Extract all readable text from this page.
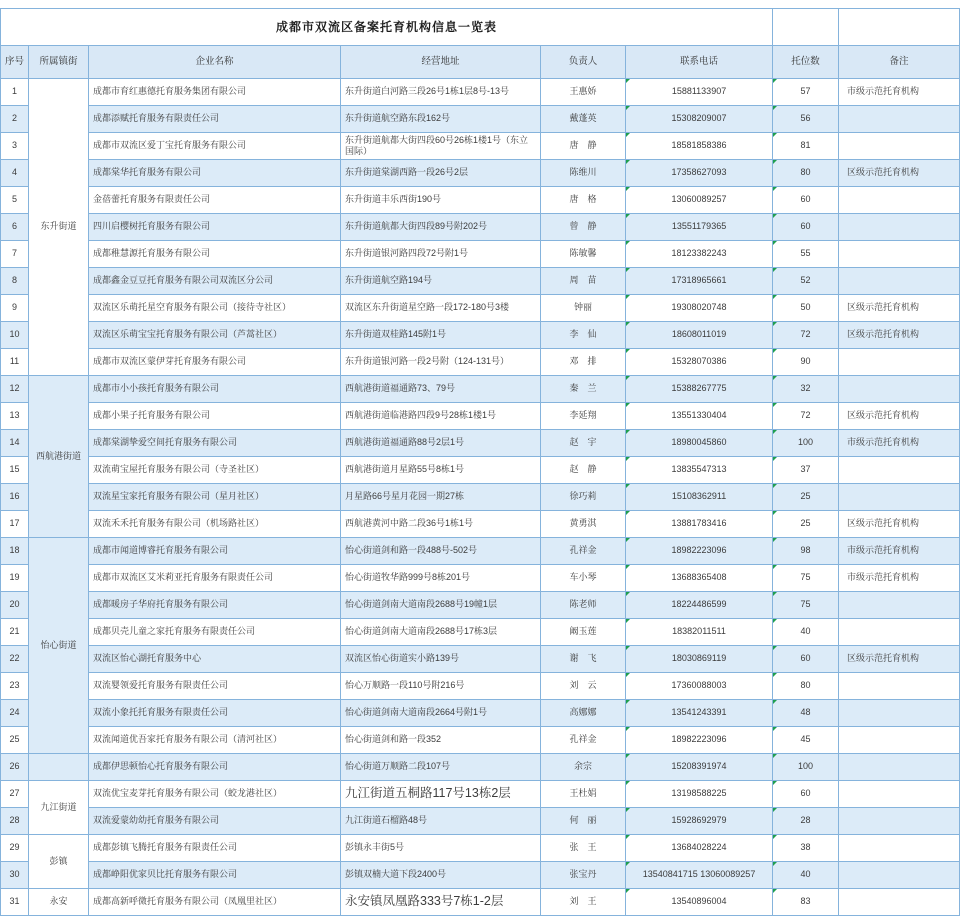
成都市双流区备案托育机构信息一览表							
序号	所属镇街	企业名称	经营地址	负责人	联系电话	托位数	备注
1	东升街道	成都市育红惠德托育服务集团有限公司	东升街道白河路三段26号1栋1层8号-13号	王惠娇	15881133907	57	市级示范托育机构
2		成都添赋托育服务有限责任公司	东升街道航空路东段162号	戴蓬英	15308209007	56	
3		成都市双流区爱丁宝托育服务有限公司	东升街道航都大街四段60号26栋1楼1号（东立国际）	唐　静	18581858386	81	
4		成都棠华托育服务有限公司	东升街道棠湖西路一段26号2层	陈维川	17358627093	80	区级示范托育机构
5		金蓓蕾托育服务有限责任公司	东升街道丰乐西街190号	唐　格	13060089257	60	
6		四川启樱树托育服务有限公司	东升街道航都大街四段89号附202号	曾　静	13551179365	60	
7		成都稚慧源托育服务有限公司	东升街道银河路四段72号附1号	陈敏馨	18123382243	55	
8		成都鑫金豆豆托育服务有限公司双流区分公司	东升街道航空路194号	周　苗	17318965661	52	
9		双流区乐萌托星空育服务有限公司（接待寺社区）	双流区东升街道星空路一段172-180号3楼	钟丽	19308020748	50	区级示范托育机构
10		双流区乐萌宝宝托育服务有限公司（芦蒿社区）	东升街道双桂路145附1号	李　仙	18608011019	72	区级示范托育机构
11		成都市双流区蒙伊芽托育服务有限公司	东升街道银河路一段2号附（124-131号）	邓　排	15328070386	90	
12	西航港街道	成都市小小孩托育服务有限公司	西航港街道福通路73、79号	秦　兰	15388267775	32	
13		成都小果子托育服务有限公司	西航港街道临港路四段9号28栋1楼1号	李延翔	13551330404	72	区级示范托育机构
14		成都棠湖挚爱空间托育服务有限公司	西航港街道福通路88号2层1号	赵　宇	18980045860	100	市级示范托育机构
15		双流萌宝屋托育服务有限公司（寺圣社区）	西航港街道月星路55号8栋1号	赵　静	13835547313	37	
16		双流星宝家托育服务有限公司（星月社区）	月星路66号星月花园一期27栋	徐巧莉	15108362911	25	
17		双流禾禾托育服务有限公司（机场路社区）	西航港黄河中路二段36号1栋1号	黄勇淇	13881783416	25	区级示范托育机构
18	怡心街道	成都市闻道博睿托育服务有限公司	怡心街道剑和路一段488号-502号	孔祥金	18982223096	98	市级示范托育机构
19		成都市双流区艾米莉亚托育服务有限责任公司	怡心街道牧华路999号8栋201号	车小琴	13688365408	75	市级示范托育机构
20		成都暖房子华府托育服务有限公司	怡心街道剑南大道南段2688号19幢1层	陈老师	18224486599	75	
21		成都贝壳儿童之家托育服务有限责任公司	怡心街道剑南大道南段2688号17栋3层	阚玉莲	18382011511	40	
22		双流区怡心湖托育服务中心	双流区怡心街道实小路139号	谢　飞	18030869119	60	区级示范托育机构
23		双流婴领爱托育服务有限责任公司	怡心万顺路一段110号附216号	刘　云	17360088003	80	
24		双流小象托托育服务有限责任公司	怡心街道剑南大道南段2664号附1号	高娜娜	13541243391	48	
25		双流闻道优吾家托育服务有限公司（清河社区）	怡心街道剑和路一段352	孔祥金	18982223096	45	
26		成都伊思顿怡心托育服务有限公司	怡心街道万顺路二段107号	余宗	15208391974	100	
27	九江街道	双流优宝麦芽托育服务有限公司（蛟龙港社区）	九江街道五桐路117号13栋2层	王杜娟	13198588225	60	
28		双流爱蒙幼幼托育服务有限公司	九江街道石榴路48号	何　丽	15928692979	28	
29	彭镇	成都彭镇飞腾托育服务有限责任公司	彭镇永丰街5号	张　王	13684028224	38	
30		成都峥阳优家贝比托育服务有限公司	彭镇双楠大道下段2400号	张宝丹	13540841715 13060089257	40	
31	永安	成都高新呼微托育服务有限公司（凤凰里社区）	永安镇凤凰路333号7栋1-2层	刘　王	13540896004	83	
